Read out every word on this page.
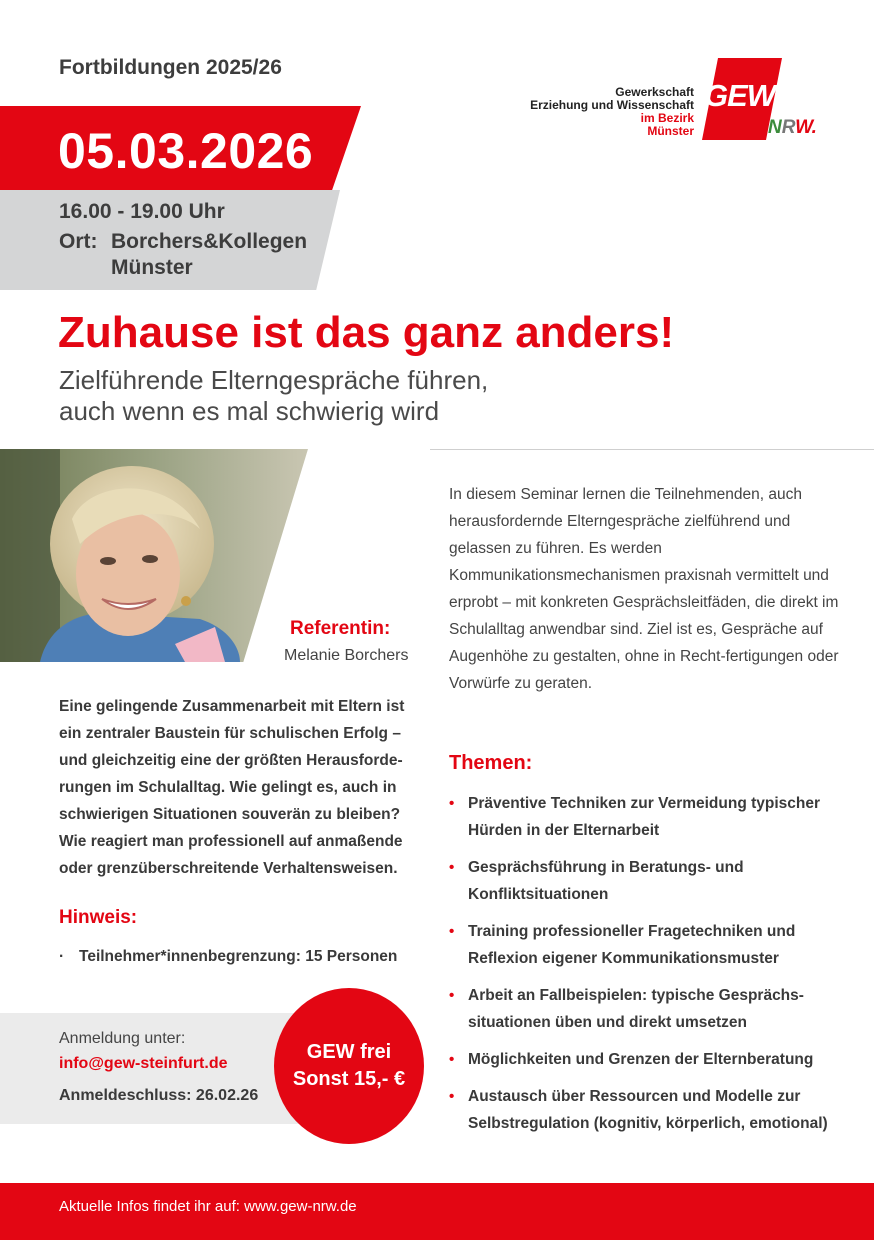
Fortbildungen 2025/26
Gewerkschaft
Erziehung und Wissenschaft
im Bezirk
Münster
GEW
NRW.
05.03.2026
16.00 - 19.00 Uhr
Ort: Borchers&Kollegen
Münster
Zuhause ist das ganz anders!
Zielführende Elterngespräche führen,
auch wenn es mal schwierig wird
Referentin:
Melanie Borchers
Eine gelingende Zusammenarbeit mit Eltern ist ein zentraler Baustein für schulischen Erfolg – und gleichzeitig eine der größten Herausforde-rungen im Schulalltag. Wie gelingt es, auch in schwierigen Situationen souverän zu bleiben? Wie reagiert man professionell auf anmaßende oder grenzüberschreitende Verhaltensweisen.
Hinweis:
· Teilnehmer*innenbegrenzung: 15 Personen
Anmeldung unter:
info@gew-steinfurt.de
Anmeldeschluss: 26.02.26
GEW frei
Sonst 15,- €
In diesem Seminar lernen die Teilnehmenden, auch herausfordernde Elterngespräche zielführend und gelassen zu führen. Es werden Kommunikationsmechanismen praxisnah vermittelt und erprobt – mit konkreten Gesprächsleitfäden, die direkt im Schulalltag anwendbar sind. Ziel ist es, Gespräche auf Augenhöhe zu gestalten, ohne in Recht-fertigungen oder Vorwürfe zu geraten.
Themen:
• Präventive Techniken zur Vermeidung typischer Hürden in der Elternarbeit
• Gesprächsführung in Beratungs- und Konfliktsituationen
• Training professioneller Fragetechniken und Reflexion eigener Kommunikationsmuster
• Arbeit an Fallbeispielen: typische Gesprächs-situationen üben und direkt umsetzen
• Möglichkeiten und Grenzen der Elternberatung
• Austausch über Ressourcen und Modelle zur Selbstregulation (kognitiv, körperlich, emotional)
Aktuelle Infos findet ihr auf: www.gew-nrw.de
